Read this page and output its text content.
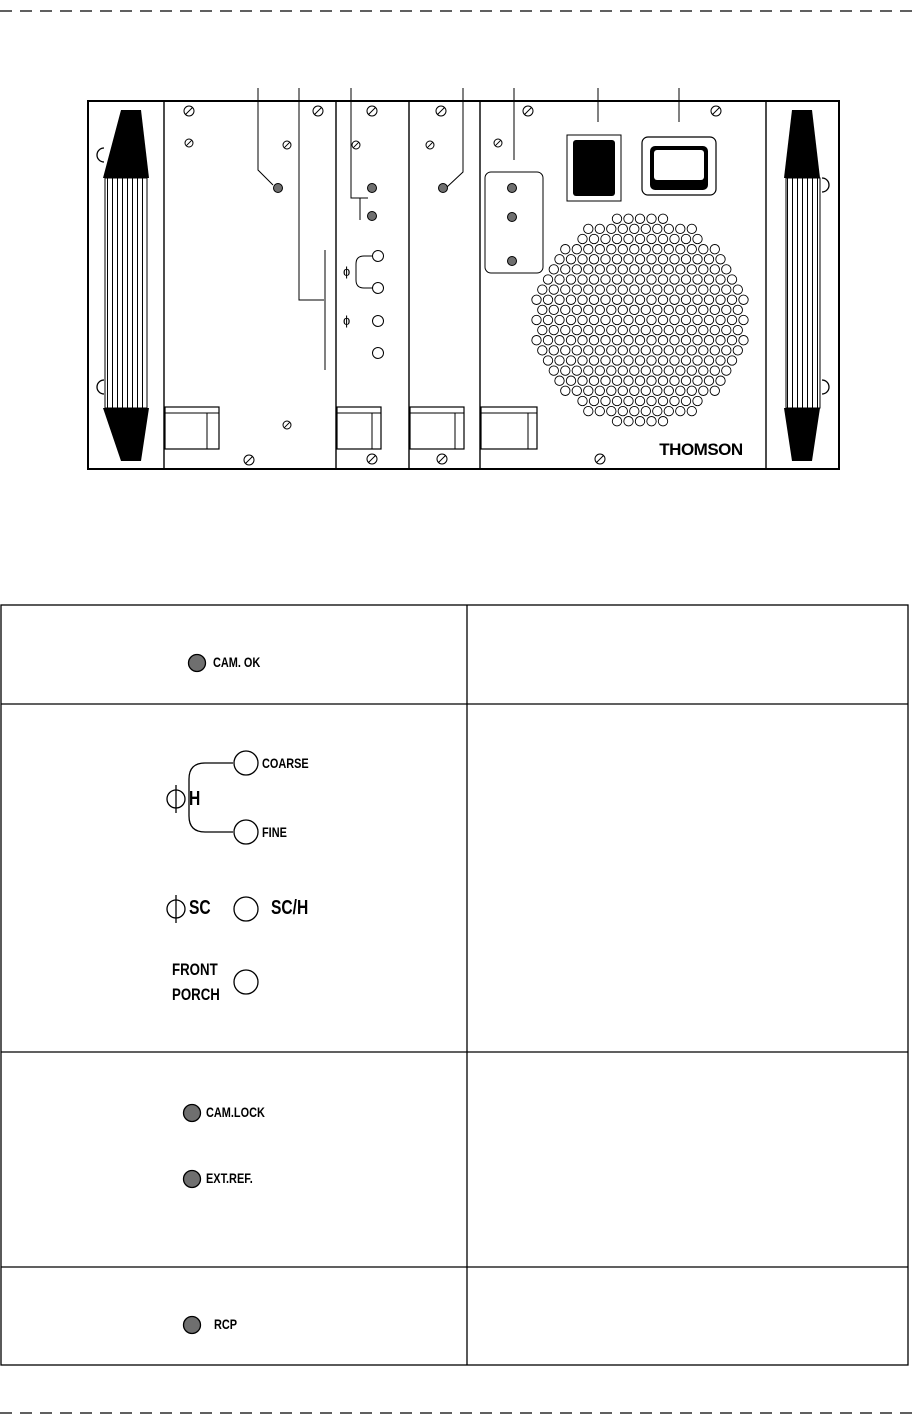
ɸ
ɸ
THOMSON
CAM. OK
H
COARSE
FINE
SC	SC/H
FRONT
PORCH
CAM.LOCK
EXT.REF.
RCP
